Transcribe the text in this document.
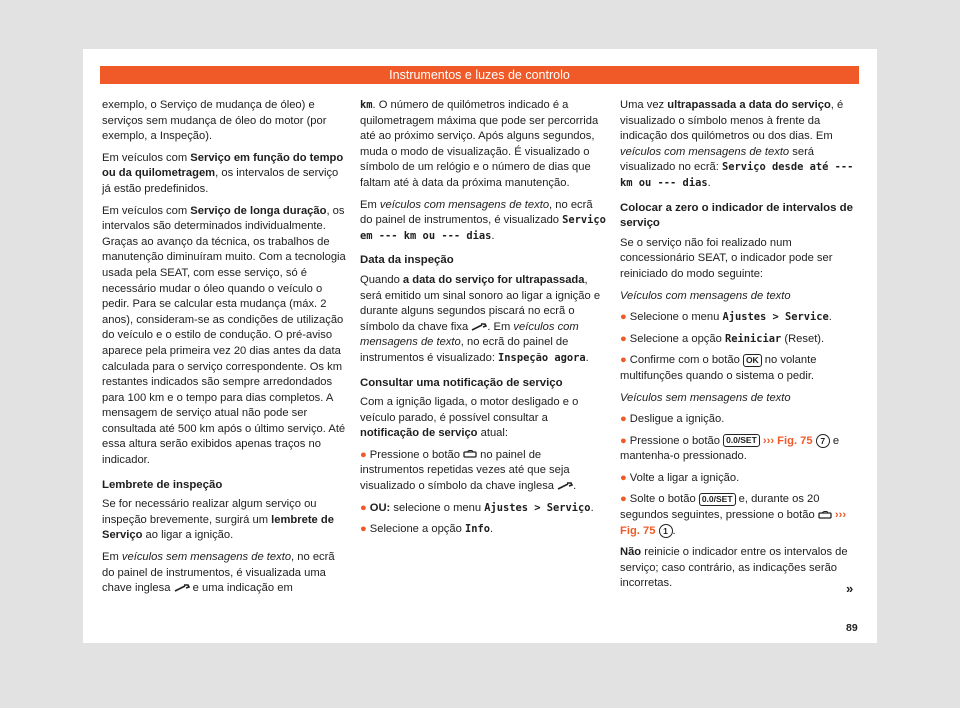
Instrumentos e luzes de controlo

exemplo, o Serviço de mudança de óleo) e serviços sem mudança de óleo do motor (por exemplo, a Inspeção).

Em veículos com Serviço em função do tempo ou da quilometragem, os intervalos de serviço já estão predefinidos.

Em veículos com Serviço de longa duração, os intervalos são determinados individualmente. Graças ao avanço da técnica, os trabalhos de manutenção diminuíram muito. Com a tecnologia usada pela SEAT, com esse serviço, só é necessário mudar o óleo quando o veículo o pedir. Para se calcular esta mudança (máx. 2 anos), consideram-se as condições de utilização do veículo e o estilo de condução. O pré-aviso aparece pela primeira vez 20 dias antes da data calculada para o serviço correspondente. Os km restantes indicados são sempre arredondados para 100 km e o tempo para dias completos. A mensagem de serviço atual não pode ser consultada até 500 km após o último serviço. Até essa altura serão exibidos apenas traços no indicador.

Lembrete de inspeção

Se for necessário realizar algum serviço ou inspeção brevemente, surgirá um lembrete de Serviço ao ligar a ignição.

Em veículos sem mensagens de texto, no ecrã do painel de instrumentos, é visualizada uma chave inglesa  e uma indicação em

km. O número de quilómetros indicado é a quilometragem máxima que pode ser percorrida até ao próximo serviço. Após alguns segundos, muda o modo de visualização. É visualizado o símbolo de um relógio e o número de dias que faltam até à data da próxima manutenção.

Em veículos com mensagens de texto, no ecrã do painel de instrumentos, é visualizado Serviço em --- km ou --- dias.

Data da inspeção

Quando a data do serviço for ultrapassada, será emitido um sinal sonoro ao ligar a ignição e durante alguns segundos piscará no ecrã o símbolo da chave fixa . Em veículos com mensagens de texto, no ecrã do painel de instrumentos é visualizado: Inspeção agora.

Consultar uma notificação de serviço

Com a ignição ligada, o motor desligado e o veículo parado, é possível consultar a notificação de serviço atual:

● Pressione o botão  no painel de instrumentos repetidas vezes até que seja visualizado o símbolo da chave inglesa .

● OU: selecione o menu Ajustes > Serviço.

● Selecione a opção Info.

Uma vez ultrapassada a data do serviço, é visualizado o símbolo menos à frente da indicação dos quilómetros ou dos dias. Em veículos com mensagens de texto será visualizado no ecrã: Serviço desde até --- km ou --- dias.

Colocar a zero o indicador de intervalos de serviço

Se o serviço não foi realizado num concessionário SEAT, o indicador pode ser reiniciado do modo seguinte:

Veículos com mensagens de texto

● Selecione o menu Ajustes > Service.

● Selecione a opção Reiniciar (Reset).

● Confirme com o botão OK no volante multifunções quando o sistema o pedir.

Veículos sem mensagens de texto

● Desligue a ignição.

● Pressione o botão 0.0/SET ››› Fig. 75 7 e mantenha-o pressionado.

● Volte a ligar a ignição.

● Solte o botão 0.0/SET e, durante os 20 segundos seguintes, pressione o botão  ››› Fig. 75 1 .

Não reinicie o indicador entre os intervalos de serviço; caso contrário, as indicações serão incorretas.	»
89
